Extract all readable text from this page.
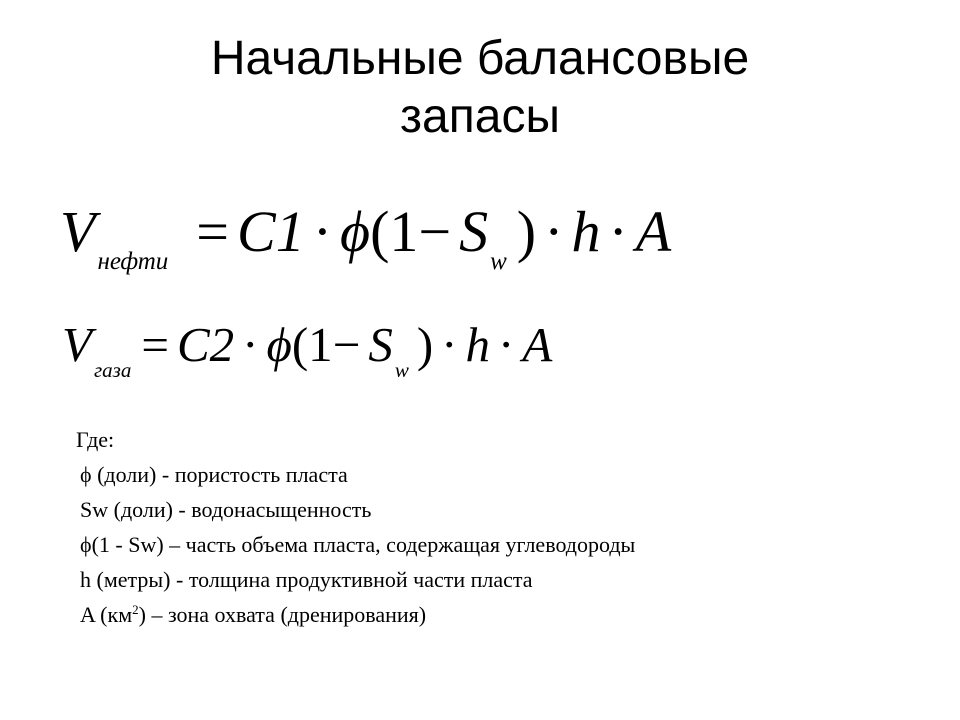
Начальные балансовые
запасы
$V_{нефти} = C1 \cdot \phi(1- S_w$ ) · h · A
$V_{газа} = C2 \cdot \phi(1- S_w$ ) · h · A
Где:
ϕ (доли) - пористость пласта
Sw (доли) - водонасыщенность
ϕ(1 - Sw) – часть объема пласта, содержащая углеводороды
h (метры) - толщина продуктивной части пласта
A $(км^2)$ – зона охвата (дренирования)
